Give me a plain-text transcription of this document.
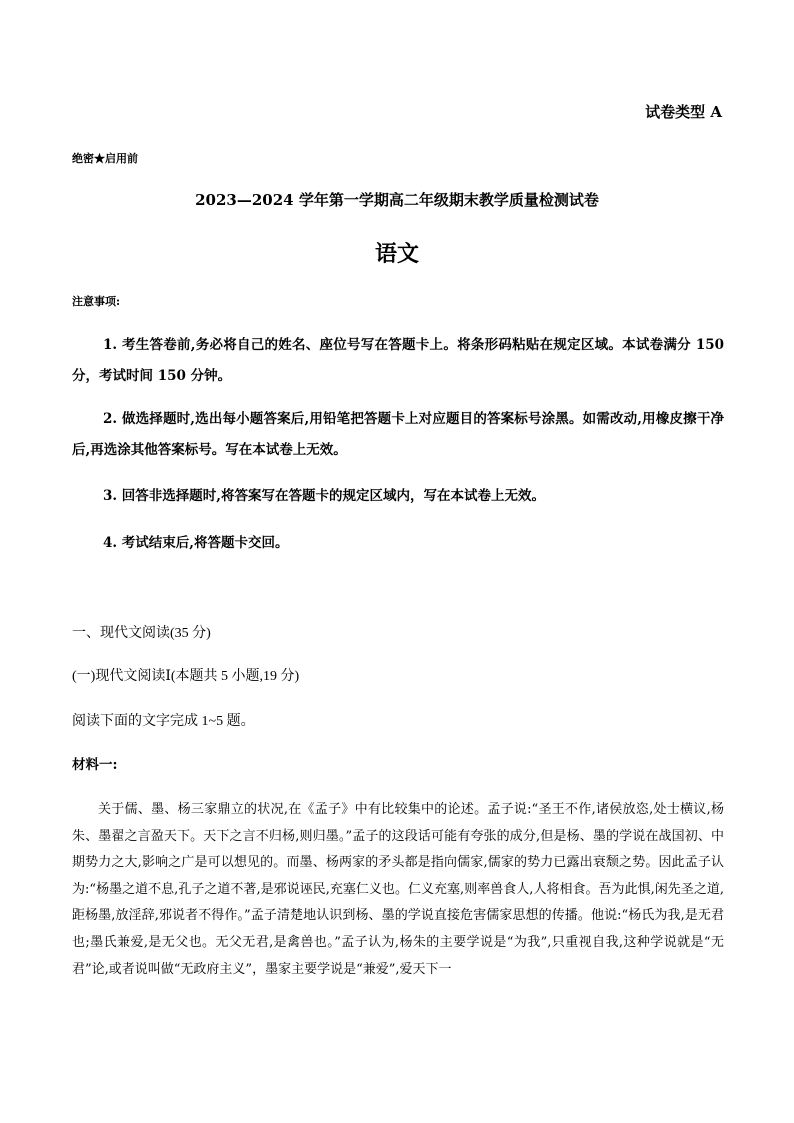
试卷类型 A
绝密★启用前
2023—2024 学年第一学期高二年级期末教学质量检测试卷
语文
注意事项:
1. 考生答卷前,务必将自己的姓名、座位号写在答题卡上。将条形码粘贴在规定区域。本试卷满分 150 分，考试时间 150 分钟。
2. 做选择题时,选出每小题答案后,用铅笔把答题卡上对应题目的答案标号涂黑。如需改动,用橡皮擦干净后,再选涂其他答案标号。写在本试卷上无效。
3. 回答非选择题时,将答案写在答题卡的规定区域内，写在本试卷上无效。
4. 考试结束后,将答题卡交回。
一、现代文阅读(35 分)
(一)现代文阅读Ⅰ(本题共 5 小题,19 分)
阅读下面的文字完成 1~5 题。
材料一:
关于儒、墨、杨三家鼎立的状况,在《孟子》中有比较集中的论述。孟子说:“圣王不作,诸侯放恣,处士横议,杨朱、墨翟之言盈天下。天下之言不归杨,则归墨。”孟子的这段话可能有夸张的成分,但是杨、墨的学说在战国初、中期势力之大,影响之广是可以想见的。而墨、杨两家的矛头都是指向儒家,儒家的势力已露出衰颓之势。因此孟子认为:“杨墨之道不息,孔子之道不著,是邪说诬民,充塞仁义也。仁义充塞,则率兽食人,人将相食。吾为此惧,闲先圣之道,距杨墨,放淫辞,邪说者不得作。”孟子清楚地认识到杨、墨的学说直接危害儒家思想的传播。他说:“杨氏为我,是无君也;墨氏兼爱,是无父也。无父无君,是禽兽也。”孟子认为,杨朱的主要学说是“为我”,只重视自我,这种学说就是“无君”论,或者说叫做“无政府主义”，墨家主要学说是“兼爱”,爱天下一
